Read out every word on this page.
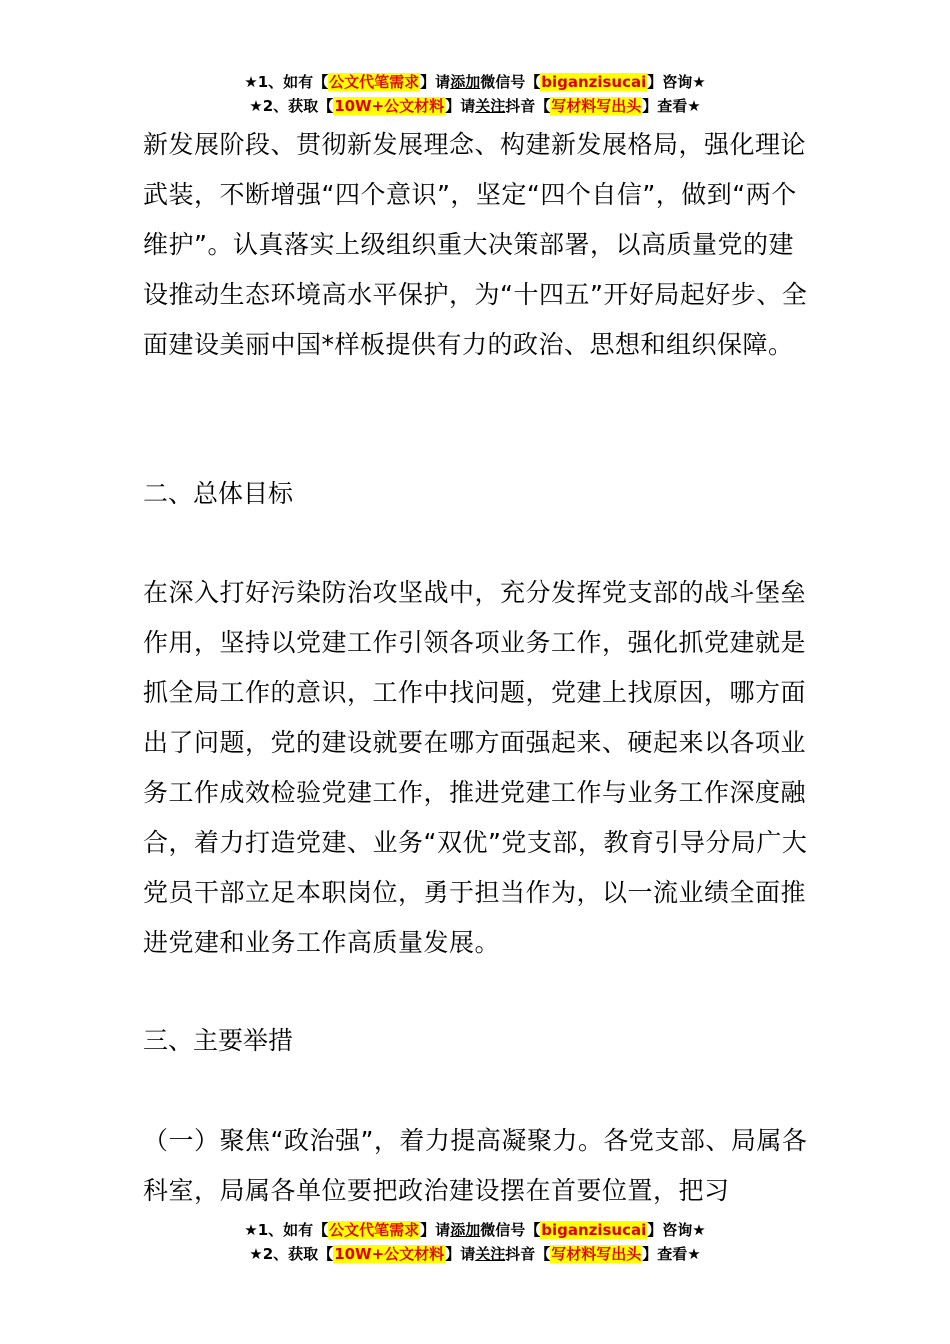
★1、如有【公文代笔需求】请添加微信号【biganzisucai】咨询★
★2、获取【10W+公文材料】请关注抖音【写材料写出头】查看★

新发展阶段、贯彻新发展理念、构建新发展格局，强化理论武装，不断增强“四个意识”，坚定“四个自信”，做到“两个维护”。认真落实上级组织重大决策部署，以高质量党的建设推动生态环境高水平保护，为“十四五”开好局起好步、全面建设美丽中国*样板提供有力的政治、思想和组织保障。

二、总体目标

在深入打好污染防治攻坚战中，充分发挥党支部的战斗堡垒作用，坚持以党建工作引领各项业务工作，强化抓党建就是抓全局工作的意识，工作中找问题，党建上找原因，哪方面出了问题，党的建设就要在哪方面强起来、硬起来以各项业务工作成效检验党建工作，推进党建工作与业务工作深度融合，着力打造党建、业务“双优”党支部，教育引导分局广大党员干部立足本职岗位，勇于担当作为，以一流业绩全面推进党建和业务工作高质量发展。

三、主要举措

（一）聚焦“政治强”，着力提高凝聚力。各党支部、局属各科室，局属各单位要把政治建设摆在首要位置，把习

★1、如有【公文代笔需求】请添加微信号【biganzisucai】咨询★
★2、获取【10W+公文材料】请关注抖音【写材料写出头】查看★
